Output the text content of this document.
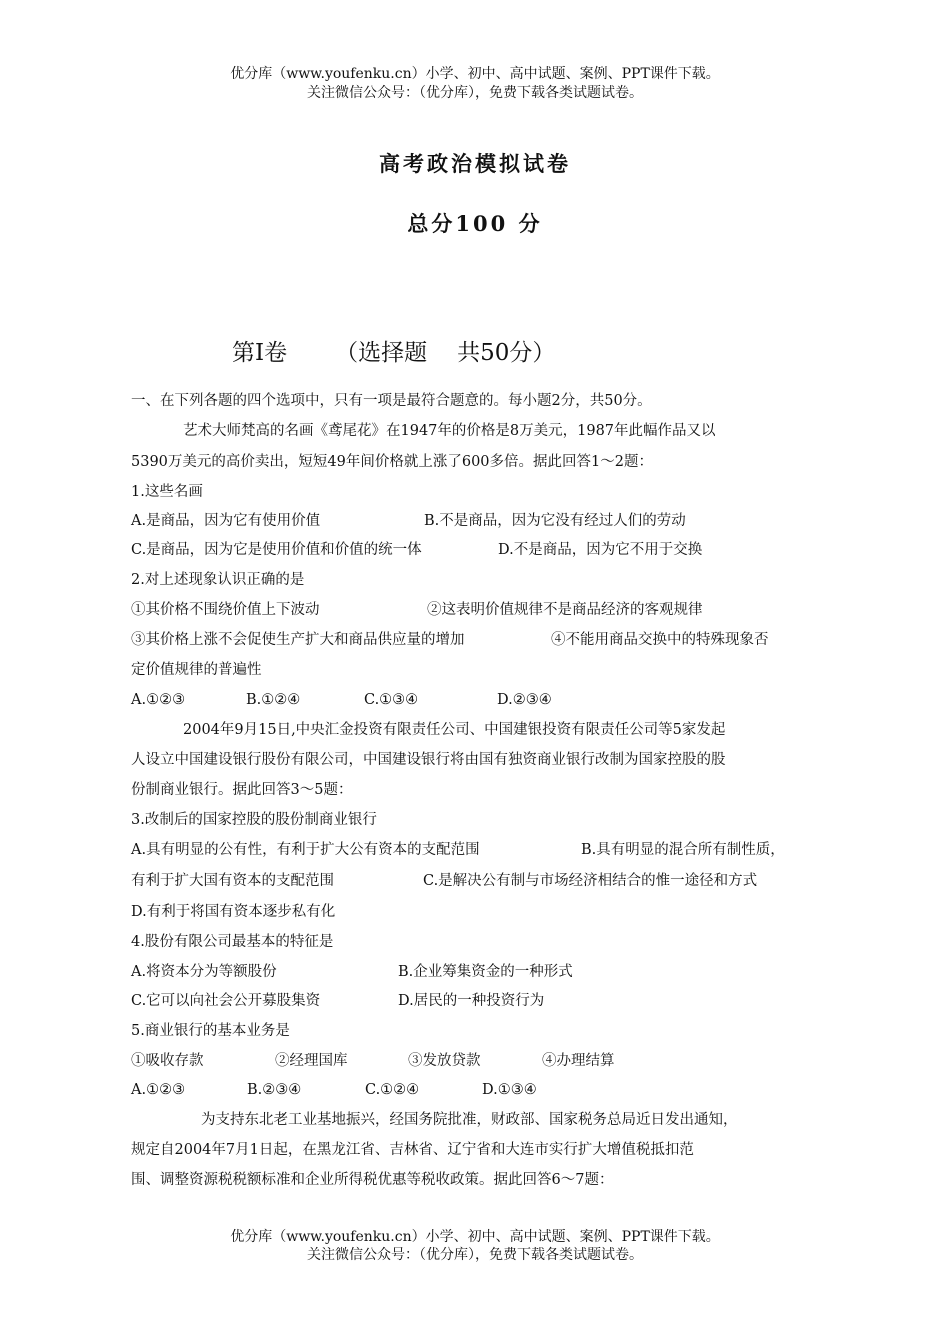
优分库（www.youfenku.cn）小学、初中、高中试题、案例、PPT课件下载。
关注微信公众号：（优分库），免费下载各类试题试卷。
高考政治模拟试卷
总分100 分
第Ⅰ卷 （选择题 共50分）
一、在下列各题的四个选项中，只有一项是最符合题意的。每小题2分，共50分。
艺术大师梵高的名画《鸢尾花》在1947年的价格是8万美元，1987年此幅作品又以
5390万美元的高价卖出，短短49年间价格就上涨了600多倍。据此回答1～2题：
1.这些名画
A.是商品，因为它有使用价值	B.不是商品，因为它没有经过人们的劳动
C.是商品，因为它是使用价值和价值的统一体	D.不是商品，因为它不用于交换
2.对上述现象认识正确的是
①其价格不围绕价值上下波动	②这表明价值规律不是商品经济的客观规律
③其价格上涨不会促使生产扩大和商品供应量的增加	④不能用商品交换中的特殊现象否
定价值规律的普遍性
A.①②③	B.①②④	C.①③④	D.②③④
2004年9月15日,中央汇金投资有限责任公司、中国建银投资有限责任公司等5家发起
人设立中国建设银行股份有限公司，中国建设银行将由国有独资商业银行改制为国家控股的股
份制商业银行。据此回答3～5题：
3.改制后的国家控股的股份制商业银行
A.具有明显的公有性，有利于扩大公有资本的支配范围	B.具有明显的混合所有制性质，
有利于扩大国有资本的支配范围	C.是解决公有制与市场经济相结合的惟一途径和方式
D.有利于将国有资本逐步私有化
4.股份有限公司最基本的特征是
A.将资本分为等额股份	B.企业筹集资金的一种形式
C.它可以向社会公开募股集资	D.居民的一种投资行为
5.商业银行的基本业务是
①吸收存款	②经理国库	③发放贷款	④办理结算
A.①②③	B.②③④	C.①②④	D.①③④
为支持东北老工业基地振兴，经国务院批准，财政部、国家税务总局近日发出通知，
规定自2004年7月1日起，在黑龙江省、吉林省、辽宁省和大连市实行扩大增值税抵扣范
围、调整资源税税额标准和企业所得税优惠等税收政策。据此回答6～7题：
优分库（www.youfenku.cn）小学、初中、高中试题、案例、PPT课件下载。
关注微信公众号：（优分库），免费下载各类试题试卷。
